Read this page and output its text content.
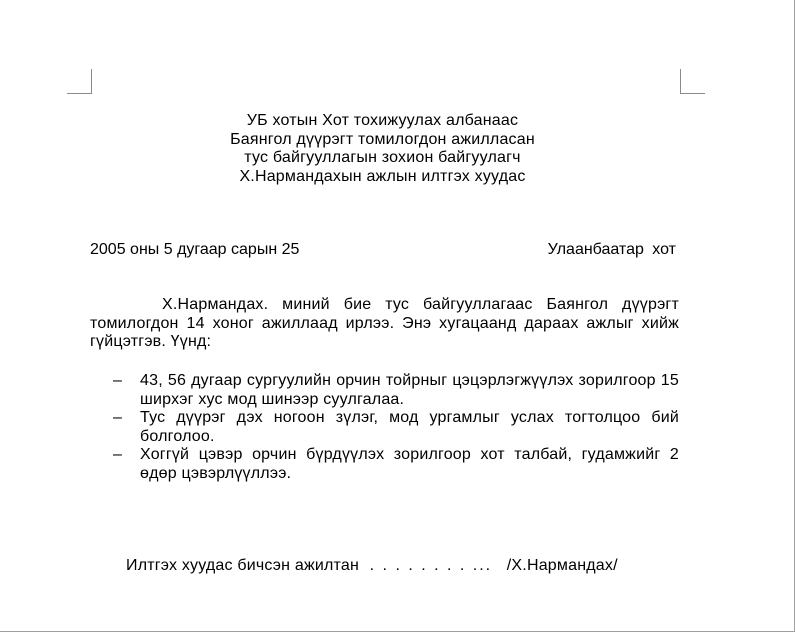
УБ хотын Хот тохижуулах албанаас
Баянгол дүүрэгт томилогдон ажилласан
тус байгууллагын зохион байгуулагч
Х.Нармандахын ажлын илтгэх хуудас
2005 оны 5 дугаар сарын 25	Улаанбаатар хот
Х.Нармандах. миний бие тус байгууллагаас Баянгол дүүрэгт томилогдон 14 хоног ажиллаад ирлээ. Энэ хугацаанд дараах ажлыг хийж гүйцэтгэв. Үүнд:
– 43, 56 дугаар сургуулийн орчин тойрныг цэцэрлэгжүүлэх зорилгоор 15 ширхэг хус мод шинээр суулгалаа.
– Тус дүүрэг дэх ногоон зүлэг, мод ургамлыг услах тогтолцоо бий болголоо.
– Хоггүй цэвэр орчин бүрдүүлэх зорилгоор хот талбай, гудамжийг 2 өдөр цэвэрлүүллээ.
Илтгэх хуудас бичсэн ажилтан . . . . . . . . ... /Х.Нармандах/
